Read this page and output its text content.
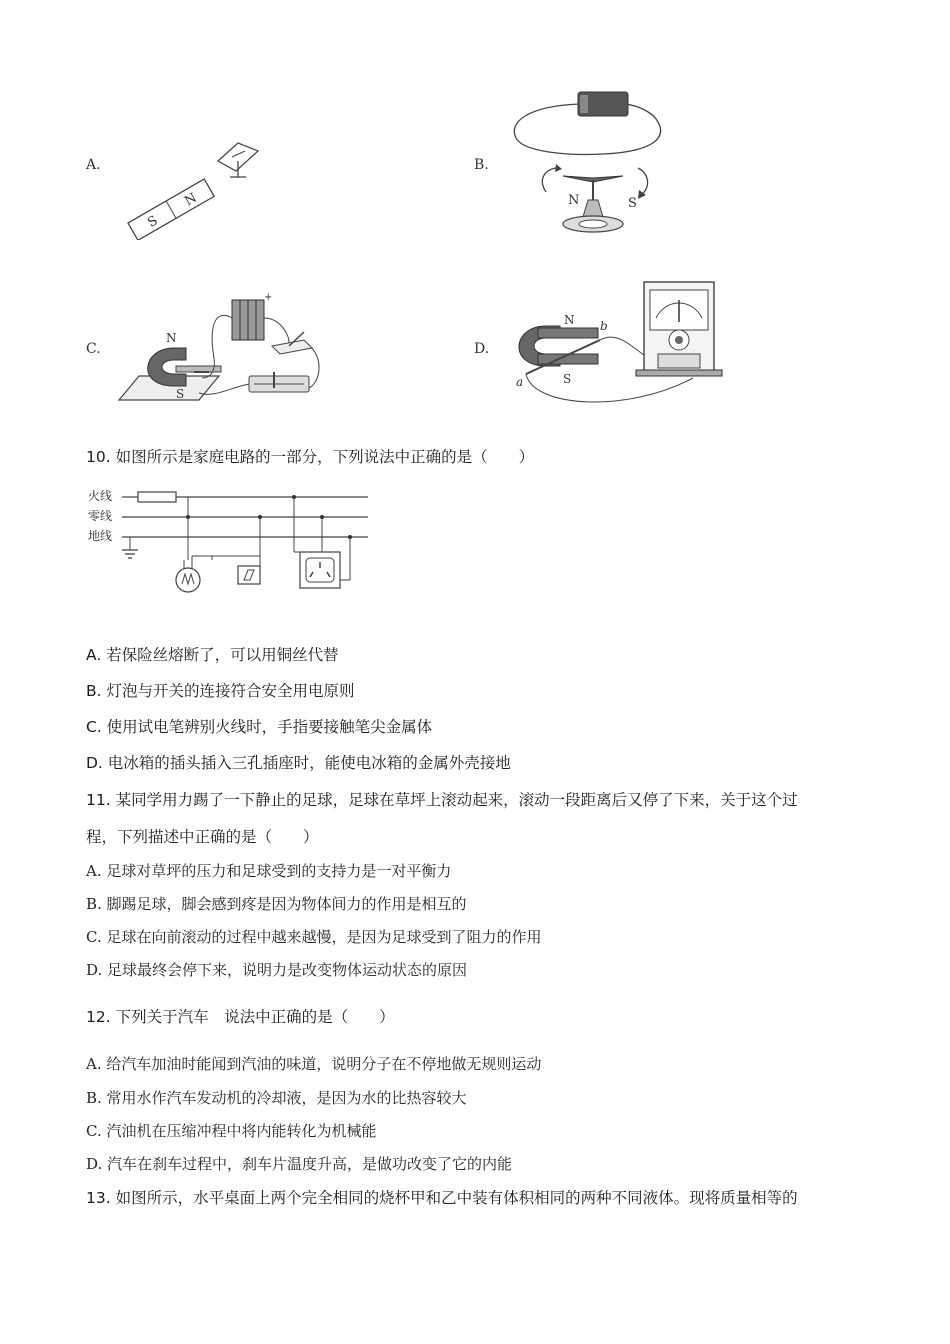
A.	B.
C.	D.
S
N	N	S
N
S
+
N
S
a
b
10. 如图所示是家庭电路的一部分，下列说法中正确的是（　　）
火线
零线
地线
A. 若保险丝熔断了，可以用铜丝代替
B. 灯泡与开关的连接符合安全用电原则
C. 使用试电笔辨别火线时，手指要接触笔尖金属体
D. 电冰箱的插头插入三孔插座时，能使电冰箱的金属外壳接地
11. 某同学用力踢了一下静止的足球，足球在草坪上滚动起来，滚动一段距离后又停了下来，关于这个过
程，下列描述中正确的是（　　）
A. 足球对草坪的压力和足球受到的支持力是一对平衡力
B. 脚踢足球，脚会感到疼是因为物体间力的作用是相互的
C. 足球在向前滚动的过程中越来越慢，是因为足球受到了阻力的作用
D. 足球最终会停下来，说明力是改变物体运动状态的原因
12. 下列关于汽车　说法中正确的是（　　）
A. 给汽车加油时能闻到汽油的味道，说明分子在不停地做无规则运动
B. 常用水作汽车发动机的冷却液，是因为水的比热容较大
C. 汽油机在压缩冲程中将内能转化为机械能
D. 汽车在刹车过程中，刹车片温度升高，是做功改变了它的内能
13. 如图所示，水平桌面上两个完全相同的烧杯甲和乙中装有体积相同的两种不同液体。现将质量相等的
